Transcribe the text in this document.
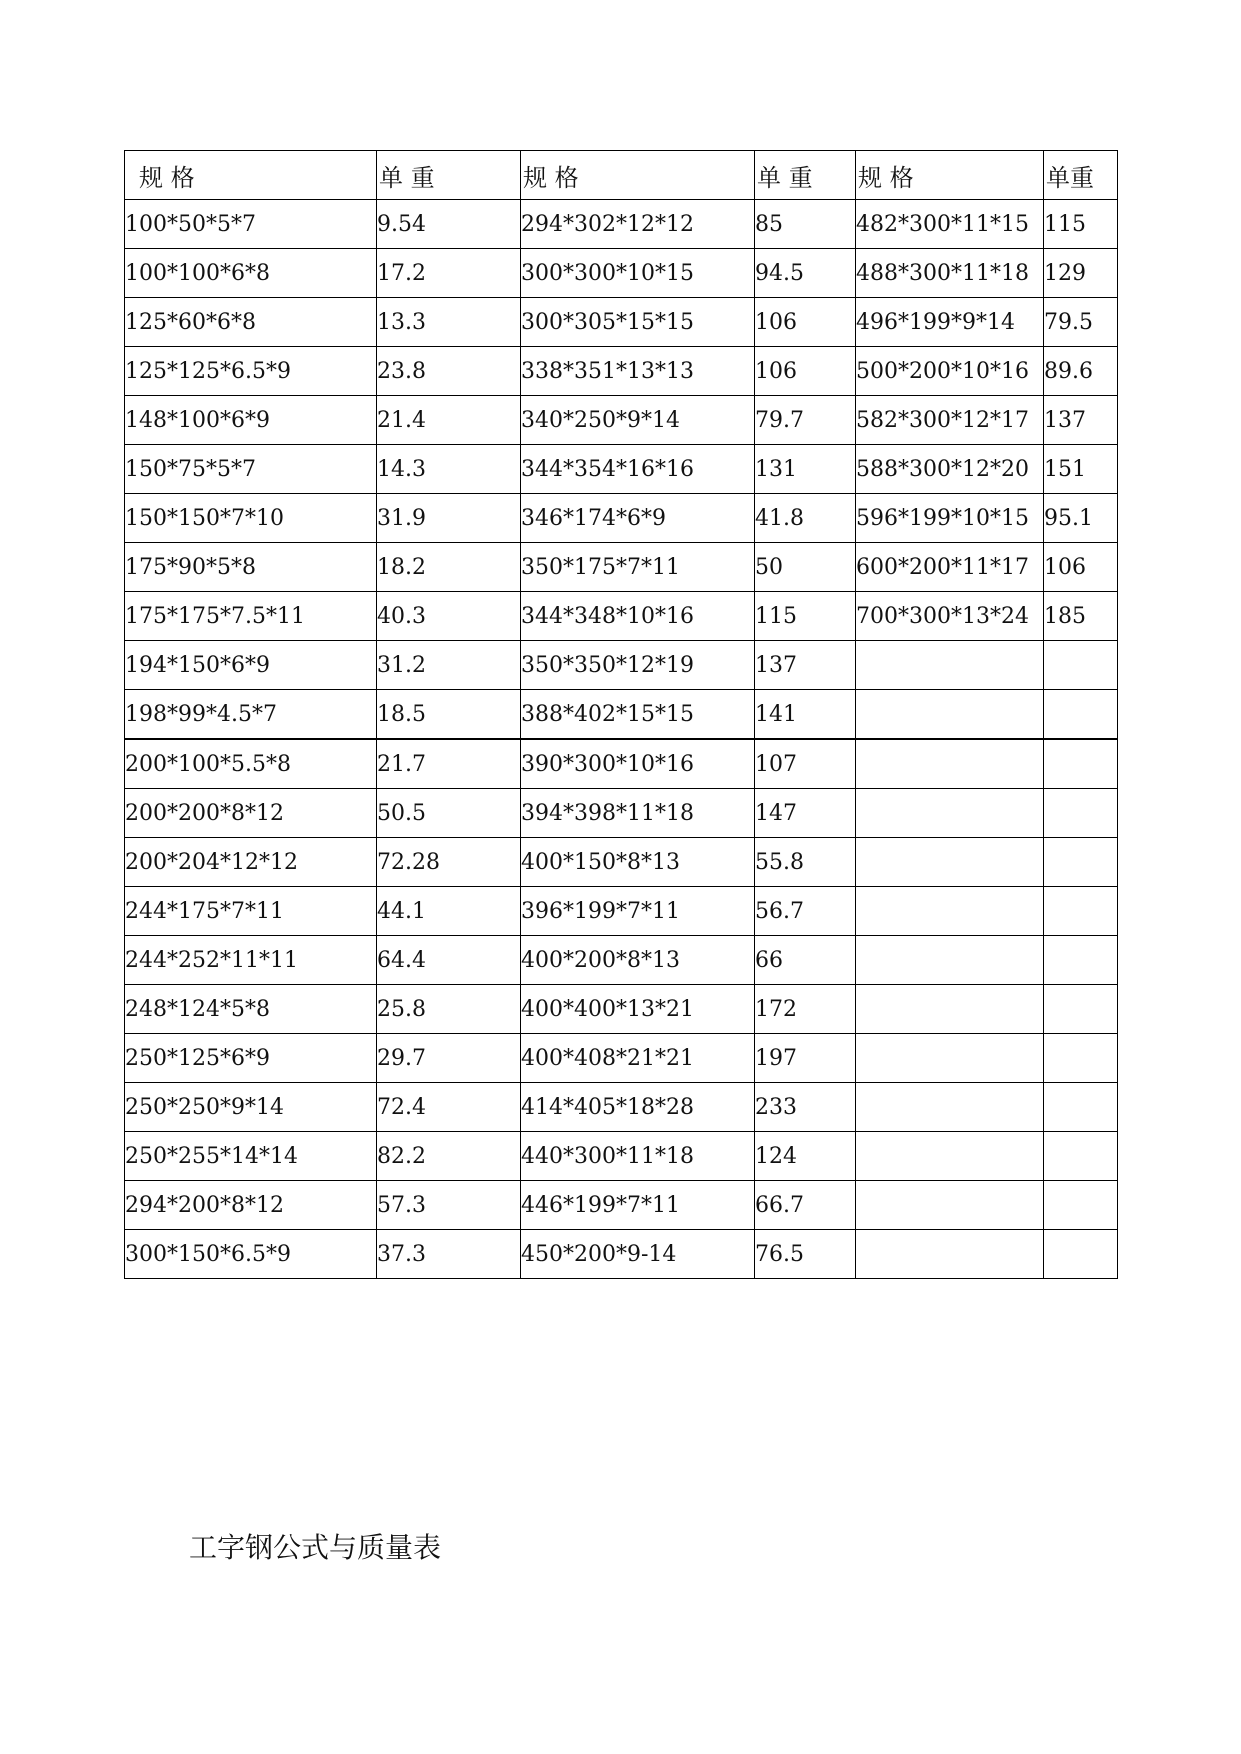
规 格	单 重	规 格	单 重	规 格	单重
100*50*5*7	9.54	294*302*12*12	85	482*300*11*15	115
100*100*6*8	17.2	300*300*10*15	94.5	488*300*11*18	129
125*60*6*8	13.3	300*305*15*15	106	496*199*9*14	79.5
125*125*6.5*9	23.8	338*351*13*13	106	500*200*10*16	89.6
148*100*6*9	21.4	340*250*9*14	79.7	582*300*12*17	137
150*75*5*7	14.3	344*354*16*16	131	588*300*12*20	151
150*150*7*10	31.9	346*174*6*9	41.8	596*199*10*15	95.1
175*90*5*8	18.2	350*175*7*11	50	600*200*11*17	106
175*175*7.5*11	40.3	344*348*10*16	115	700*300*13*24	185
194*150*6*9	31.2	350*350*12*19	137		
198*99*4.5*7	18.5	388*402*15*15	141		
200*100*5.5*8	21.7	390*300*10*16	107		
200*200*8*12	50.5	394*398*11*18	147		
200*204*12*12	72.28	400*150*8*13	55.8		
244*175*7*11	44.1	396*199*7*11	56.7		
244*252*11*11	64.4	400*200*8*13	66		
248*124*5*8	25.8	400*400*13*21	172		
250*125*6*9	29.7	400*408*21*21	197		
250*250*9*14	72.4	414*405*18*28	233		
250*255*14*14	82.2	440*300*11*18	124		
294*200*8*12	57.3	446*199*7*11	66.7		
300*150*6.5*9	37.3	450*200*9-14	76.5		
工字钢公式与质量表
